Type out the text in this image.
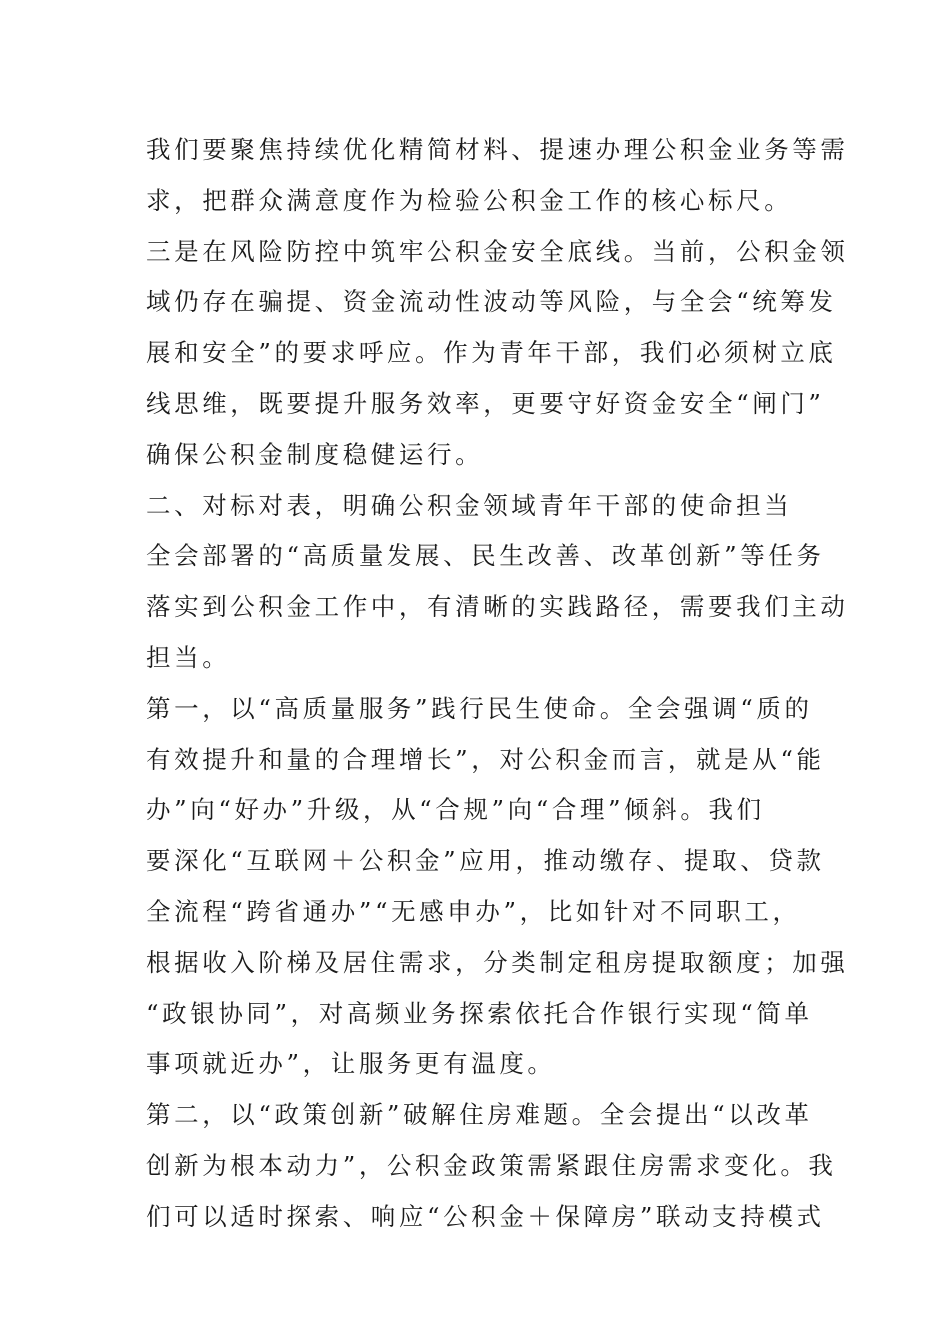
我们要聚焦持续优化精简材料、提速办理公积金业务等需
求，把群众满意度作为检验公积金工作的核心标尺。
三是在风险防控中筑牢公积金安全底线。当前，公积金领
域仍存在骗提、资金流动性波动等风险，与全会“统筹发
展和安全”的要求呼应。作为青年干部，我们必须树立底
线思维，既要提升服务效率，更要守好资金安全“闸门”
确保公积金制度稳健运行。
二、对标对表，明确公积金领域青年干部的使命担当
全会部署的“高质量发展、民生改善、改革创新”等任务
落实到公积金工作中，有清晰的实践路径，需要我们主动
担当。
第一，以“高质量服务”践行民生使命。全会强调“质的
有效提升和量的合理增长”，对公积金而言，就是从“能
办”向“好办”升级，从“合规”向“合理”倾斜。我们
要深化“互联网＋公积金”应用，推动缴存、提取、贷款
全流程“跨省通办”“无感申办”，比如针对不同职工，
根据收入阶梯及居住需求，分类制定租房提取额度；加强
“政银协同”，对高频业务探索依托合作银行实现“简单
事项就近办”，让服务更有温度。
第二，以“政策创新”破解住房难题。全会提出“以改革
创新为根本动力”，公积金政策需紧跟住房需求变化。我
们可以适时探索、响应“公积金＋保障房”联动支持模式
